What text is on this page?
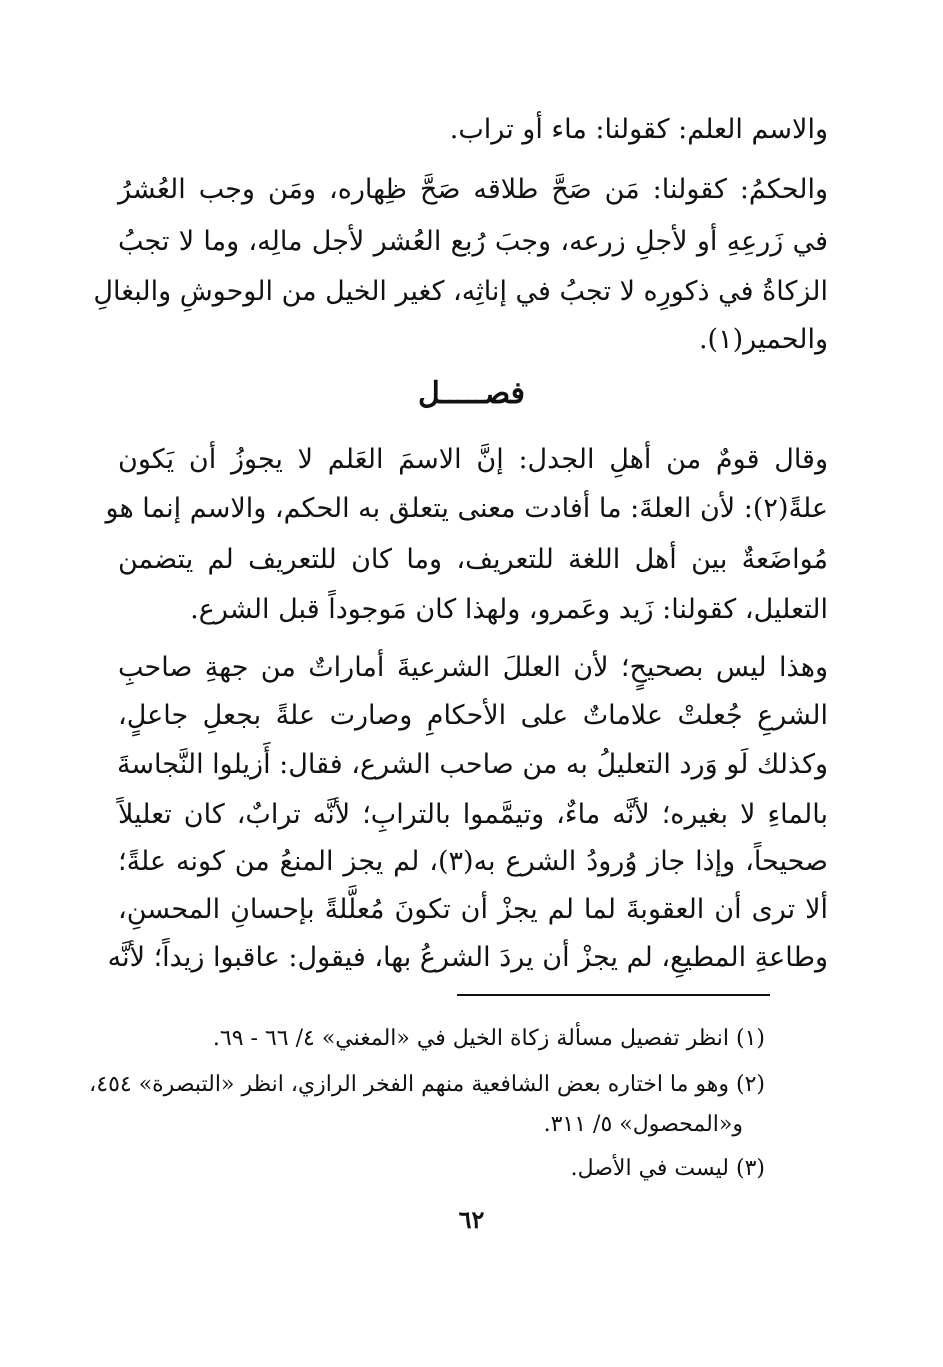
والاسم العلم: كقولنا: ماء أو تراب.
والحكمُ: كقولنا: مَن صَحَّ طلاقه صَحَّ ظِهاره، ومَن وجب العُشرُ
في زَرعِهِ أو لأجلِ زرعه، وجبَ رُبع العُشر لأجل مالِه، وما لا تجبُ
الزكاةُ في ذكورِه لا تجبُ في إناثِه، كغير الخيل من الوحوشِ والبغالِ
والحمير(١).
فصـــــل
وقال قومٌ من أهلِ الجدل: إنَّ الاسمَ العَلم لا يجوزُ أن يَكون
علةً(٢): لأن العلةَ: ما أفادت معنى يتعلق به الحكم، والاسم إنما هو
مُواضَعةٌ بين أهل اللغة للتعريف، وما كان للتعريف لم يتضمن
التعليل، كقولنا: زَيد وعَمرو، ولهذا كان مَوجوداً قبل الشرع.
وهذا ليس بصحيحٍ؛ لأن العللَ الشرعيةَ أماراتٌ من جهةِ صاحبِ
الشرعِ جُعلتْ علاماتٌ على الأحكامِ وصارت علةً بجعلِ جاعلٍ،
وكذلك لَو وَرد التعليلُ به من صاحب الشرع، فقال: أَزيلوا النَّجاسةَ
بالماءِ لا بغيره؛ لأنَّه ماءٌ، وتيمَّموا بالترابِ؛ لأنَّه ترابٌ، كان تعليلاً
صحيحاً، وإذا جاز وُرودُ الشرع به(٣)، لم يجز المنعُ من كونه علةً؛
ألا ترى أن العقوبةَ لما لم يجزْ أن تكونَ مُعلَّلةً بإحسانِ المحسنِ،
وطاعةِ المطيعِ، لم يجزْ أن يردَ الشرعُ بها، فيقول: عاقبوا زيداً؛ لأنَّه
(١) انظر تفصيل مسألة زكاة الخيل في «المغني» ٤/ ٦٦ - ٦٩.
(٢) وهو ما اختاره بعض الشافعية منهم الفخر الرازي، انظر «التبصرة» ٤٥٤،
و«المحصول» ٥/ ٣١١.
(٣) ليست في الأصل.
٦٢
